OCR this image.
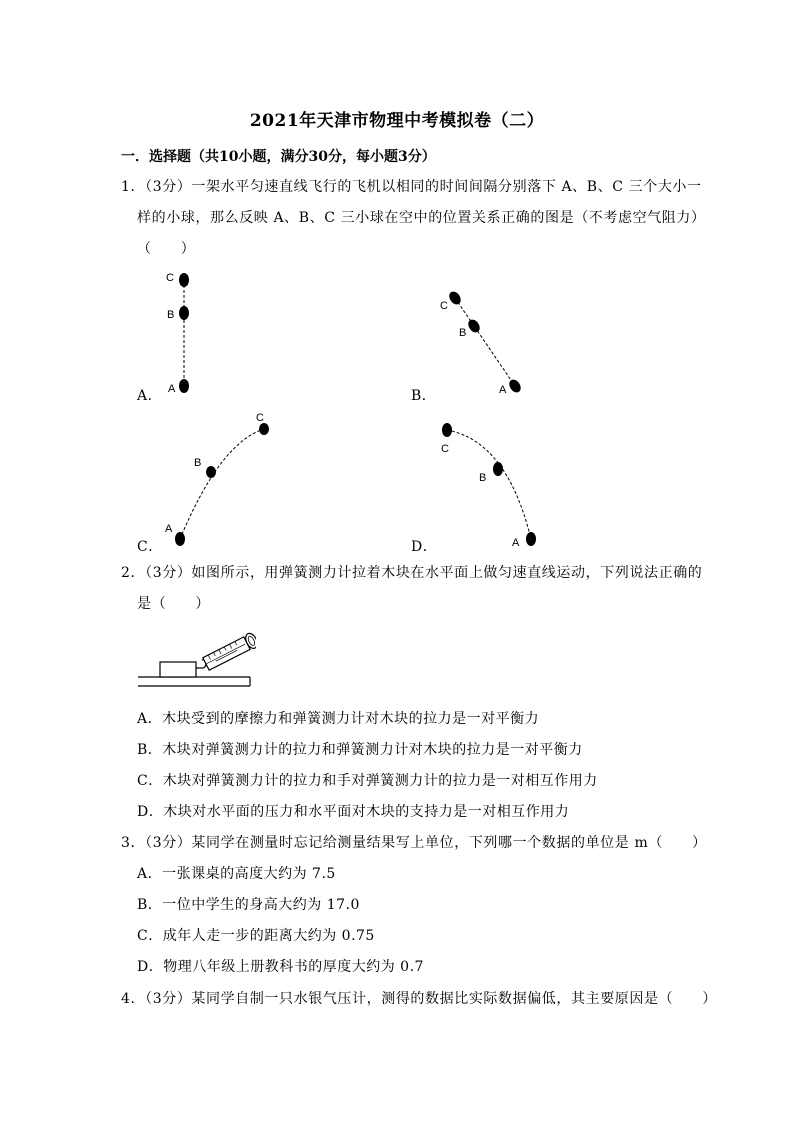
2021年天津市物理中考模拟卷（二）
一．选择题（共10小题，满分30分，每小题3分）
1．（3分）一架水平匀速直线飞行的飞机以相同的时间间隔分别落下 A、B、C 三个大小一
样的小球，那么反映 A、B、C 三小球在空中的位置关系正确的图是（不考虑空气阻力）
（　　）
A．	B．
C．	D．
C
B
A
C
B
A
C
B
A
C
B
A
2．（3分）如图所示，用弹簧测力计拉着木块在水平面上做匀速直线运动，下列说法正确的
是（　　）
A．木块受到的摩擦力和弹簧测力计对木块的拉力是一对平衡力
B．木块对弹簧测力计的拉力和弹簧测力计对木块的拉力是一对平衡力
C．木块对弹簧测力计的拉力和手对弹簧测力计的拉力是一对相互作用力
D．木块对水平面的压力和水平面对木块的支持力是一对相互作用力
3．（3分）某同学在测量时忘记给测量结果写上单位，下列哪一个数据的单位是 m（　　）
A．一张课桌的高度大约为 7.5
B．一位中学生的身高大约为 17.0
C．成年人走一步的距离大约为 0.75
D．物理八年级上册教科书的厚度大约为 0.7
4．（3分）某同学自制一只水银气压计，测得的数据比实际数据偏低，其主要原因是（　　）
